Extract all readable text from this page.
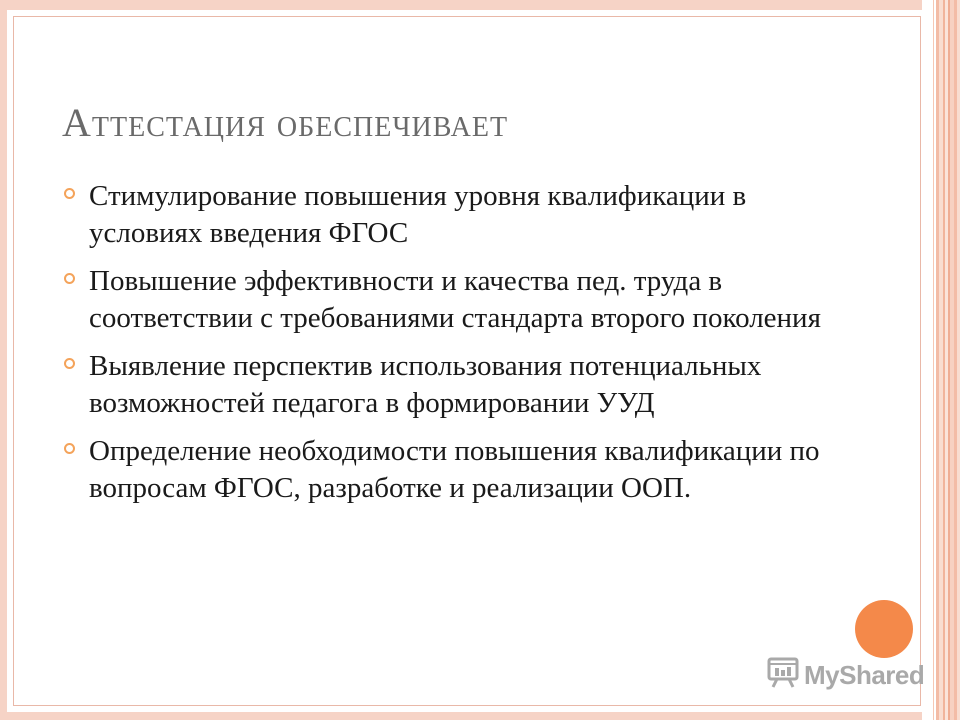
Аттестация обеспечивает
Стимулирование повышения уровня квалификации в условиях введения ФГОС
Повышение эффективности и качества пед. труда в соответствии с требованиями стандарта второго поколения
Выявление перспектив использования потенциальных возможностей педагога в формировании УУД
Определение необходимости повышения квалификации по вопросам ФГОС, разработке и реализации ООП.
MyShared
